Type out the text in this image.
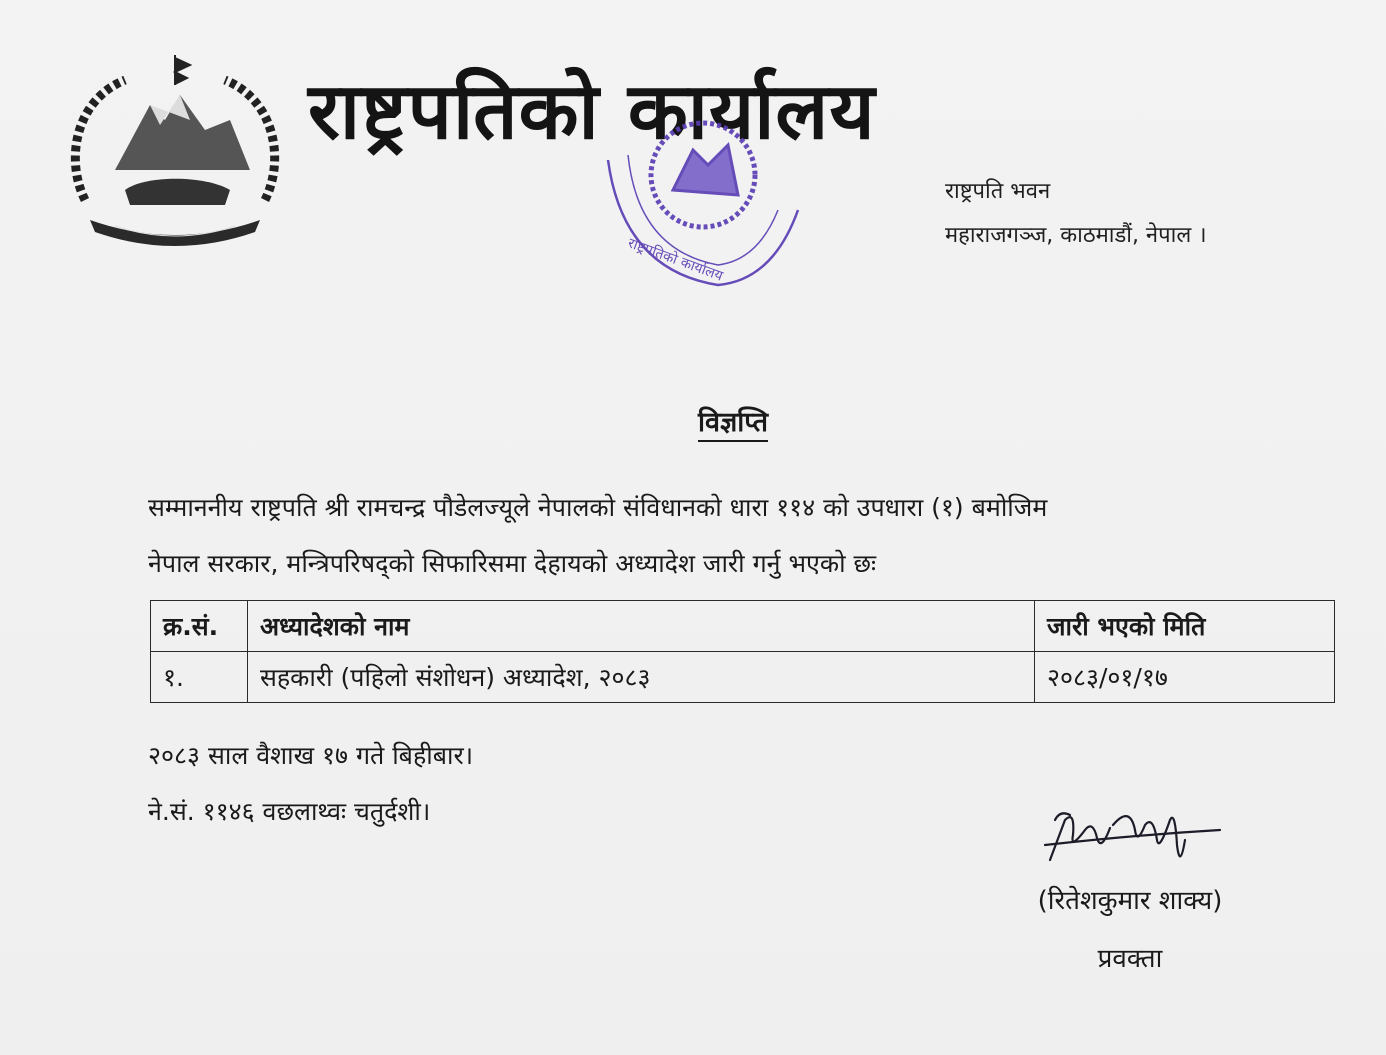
राष्ट्रपतिको कार्यालय
राष्ट्रपतिको कार्यालय
राष्ट्रपति भवन
महाराजगञ्ज, काठमाडौं, नेपाल ।
विज्ञप्ति
सम्माननीय राष्ट्रपति श्री रामचन्द्र पौडेलज्यूले नेपालको संविधानको धारा ११४ को उपधारा (१) बमोजिम
नेपाल सरकार, मन्त्रिपरिषद्को सिफारिसमा देहायको अध्यादेश जारी गर्नु भएको छः
क्र.सं.	अध्यादेशको नाम	जारी भएको मिति
१.	सहकारी (पहिलो संशोधन) अध्यादेश, २०८३	२०८३/०१/१७
२०८३ साल वैशाख १७ गते बिहीबार।
ने.सं. ११४६ वछलाथ्वः चतुर्दशी।
(रितेशकुमार शाक्य)
प्रवक्ता
